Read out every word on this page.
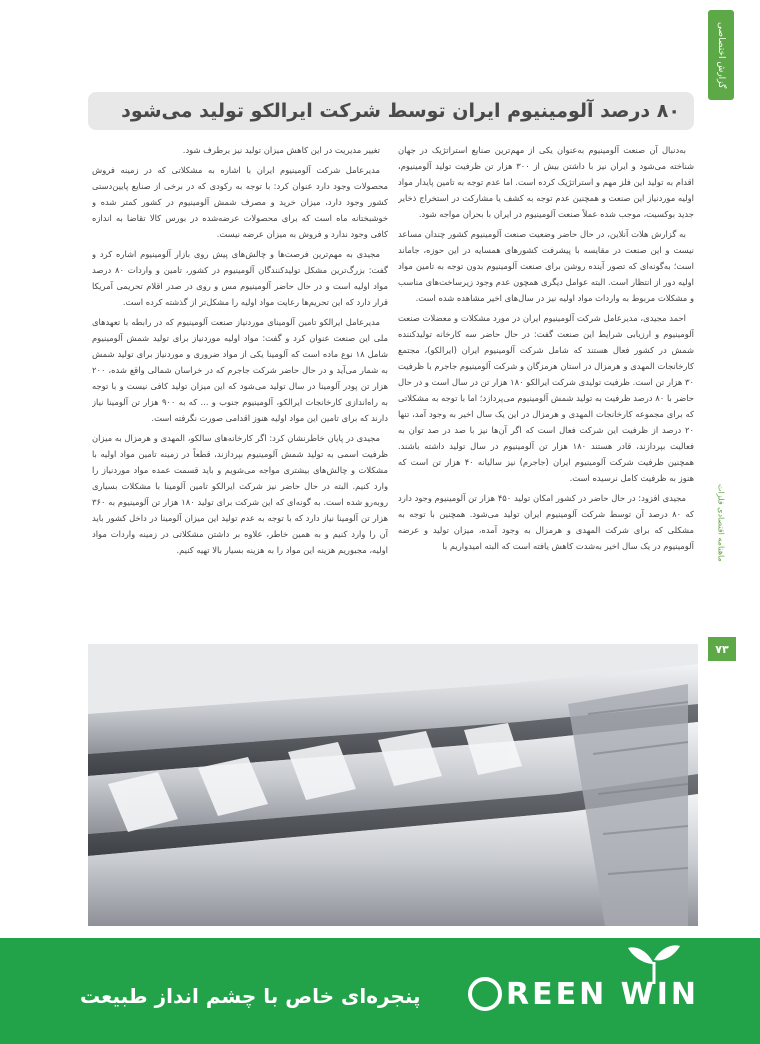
گزارش اختصاصی
ماهنامه اقتصادی فلزات
۷۳
۸۰ درصد آلومینیوم ایران توسط شرکت ایرالکو تولید می‌شود

به‌دنبال آن صنعت آلومینیوم به‌عنوان یکی از مهم‌ترین صنایع استراتژیک در جهان شناخته می‌شود و ایران نیز با داشتن بیش از ۳۰۰ هزار تن ظرفیت تولید آلومینیوم، اقدام به تولید این فلز مهم و استراتژیک کرده است. اما عدم توجه به تامین پایدار مواد اولیه موردنیاز این صنعت و همچنین عدم توجه به کشف یا مشارکت در استخراج ذخایر جدید بوکسیت، موجب شده عملاً صنعت آلومینیوم در ایران با بحران مواجه شود.

به گزارش هلات آنلاین، در حال حاضر وضعیت صنعت آلومینیوم کشور چندان مساعد نیست و این صنعت در مقایسه با پیشرفت کشورهای همسایه در این حوزه، جاماند است؛ به‌گونه‌ای که تصور آینده روشن برای صنعت آلومینیوم بدون توجه به تامین مواد اولیه دور از انتظار است. البته عوامل دیگری همچون عدم وجود زیرساخت‌های مناسب و مشکلات مربوط به واردات مواد اولیه نیز در سال‌های اخیر مشاهده شده است.

احمد مجیدی، مدیرعامل شرکت آلومینیوم ایران در مورد مشکلات و معضلات صنعت آلومینیوم و ارزیابی شرایط این صنعت گفت: در حال حاضر سه کارخانه تولیدکننده شمش در کشور فعال هستند که شامل شرکت آلومینیوم ایران (ایرالکو)، مجتمع کارخانجات المهدی و هرمزال در استان هرمزگان و شرکت آلومینیوم جاجرم با ظرفیت ۳۰ هزار تن است. ظرفیت تولیدی شرکت ایرالکو ۱۸۰ هزار تن در سال است و در حال حاضر با ۸۰ درصد ظرفیت به تولید شمش آلومینیوم می‌پردازد؛ اما با توجه به مشکلاتی که برای مجموعه کارخانجات المهدی و هرمزال در این یک سال اخیر به وجود آمد، تنها ۲۰ درصد از ظرفیت این شرکت فعال است که اگر آن‌ها نیز با صد در صد توان به فعالیت بپردازند، قادر هستند ۱۸۰ هزار تن آلومینیوم در سال تولید داشته باشند. همچنین ظرفیت شرکت آلومینیوم ایران (جاجرم) نیز سالیانه ۴۰ هزار تن است که هنوز به ظرفیت کامل نرسیده است.

مجیدی افزود: در حال حاضر در کشور امکان تولید ۴۵۰ هزار تن آلومینیوم وجود دارد که ۸۰ درصد آن توسط شرکت آلومینیوم ایران تولید می‌شود. همچنین با توجه به مشکلی که برای شرکت المهدی و هرمزال به وجود آمده، میزان تولید و عرضه آلومینیوم در یک سال اخیر به‌شدت کاهش یافته است که البته امیدواریم با

تغییر مدیریت در این کاهش میزان تولید نیز برطرف شود.

مدیرعامل شرکت آلومینیوم ایران با اشاره به مشکلاتی که در زمینه فروش محصولات وجود دارد عنوان کرد: با توجه به رکودی که در برخی از صنایع پایین‌دستی کشور وجود دارد، میزان خرید و مصرف شمش آلومینیوم در کشور کمتر شده و خوشبختانه ماه است که برای محصولات عرضه‌شده در بورس کالا تقاضا به اندازه کافی وجود ندارد و فروش به میزان عرضه نیست.

مجیدی به مهم‌ترین فرصت‌ها و چالش‌های پیش روی بازار آلومینیوم اشاره کرد و گفت: بزرگ‌ترین مشکل تولیدکنندگان آلومینیوم در کشور، تامین و واردات ۸۰ درصد مواد اولیه است و در حال حاضر آلومینیوم مس و روی در صدر اقلام تحریمی آمریکا قرار دارد که این تحریم‌ها رعایت مواد اولیه را مشکل‌تر از گذشته کرده است.

مدیرعامل ایرالکو تامین آلومینای موردنیاز صنعت آلومینیوم که در رابطه با تعهدهای ملی این صنعت عنوان کرد و گفت: مواد اولیه موردنیاز برای تولید شمش آلومینیوم شامل ۱۸ نوع ماده است که آلومینا یکی از مواد ضروری و موردنیاز برای تولید شمش به شمار می‌آید و در حال حاضر شرکت جاجرم که در خراسان شمالی واقع شده، ۲۰۰ هزار تن پودر آلومینا در سال تولید می‌شود که این میزان تولید کافی نیست و با توجه به راه‌اندازی کارخانجات ایرالکو، آلومینیوم جنوب و ... که به ۹۰۰ هزار تن آلومینا نیاز دارند که برای تامین این مواد اولیه هنوز اقدامی صورت نگرفته است.

مجیدی در پایان خاطرنشان کرد: اگر کارخانه‌های سالکو، المهدی و هرمزال به میزان ظرفیت اسمی به تولید شمش آلومینیوم بپردازند، قطعاً در زمینه تامین مواد اولیه با مشکلات و چالش‌های بیشتری مواجه می‌شویم و باید قسمت عمده مواد موردنیاز را وارد کنیم. البته در حال حاضر نیز شرکت ایرالکو تامین آلومینا با مشکلات بسیاری روبه‌رو شده است. به گونه‌ای که این شرکت برای تولید ۱۸۰ هزار تن آلومینیوم به ۳۶۰ هزار تن آلومینا نیاز دارد که با توجه به عدم تولید این میزان آلومینا در داخل کشور باید آن را وارد کنیم و به همین خاطر، علاوه بر داشتن مشکلاتی در زمینه واردات مواد اولیه، مجبوریم هزینه این مواد را به هزینه بسیار بالا تهیه کنیم.

REEN WIN
پنجره‌ای خاص با چشم انداز طبیعت
